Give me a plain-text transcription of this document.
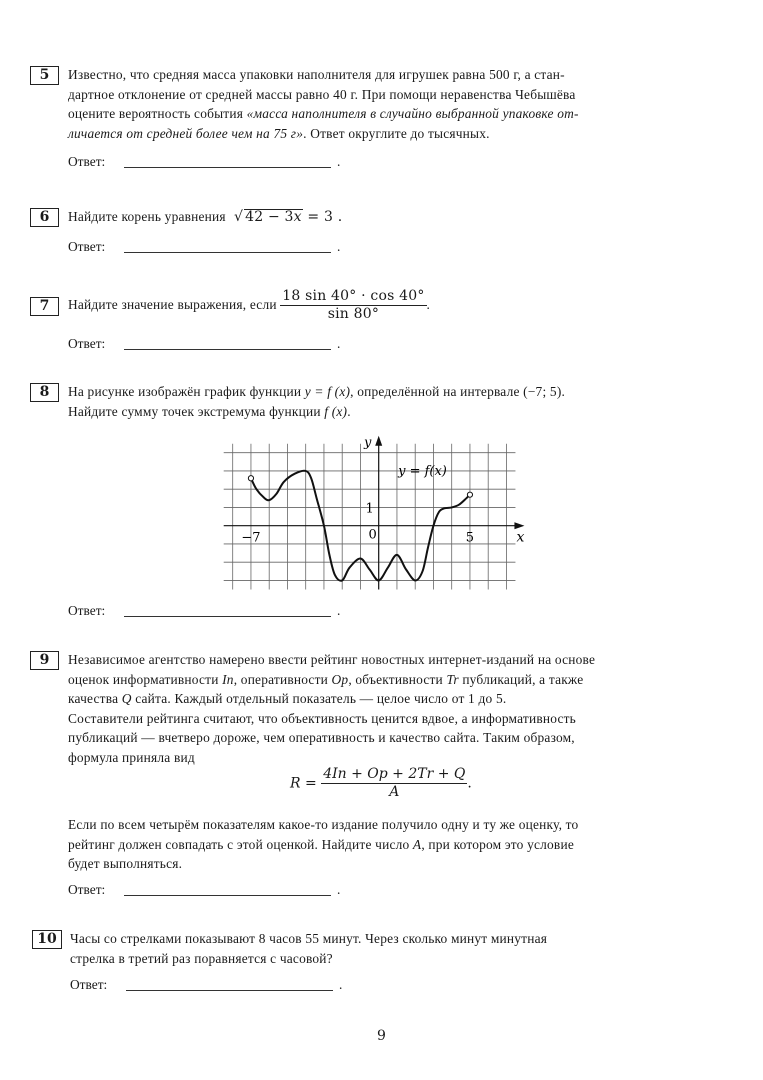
5	Известно, что средняя масса упаковки наполнителя для игрушек равна 500 г, а стан-
дартное отклонение от средней массы равно 40 г. При помощи неравенства Чебышёва
оцените вероятность события «масса наполнителя в случайно выбранной упаковке от-
личается от средней более чем на 75 г». Ответ округлите до тысячных.
Ответ:	.
6	Найдите корень уравнения  √ 42 − 3x = 3 .
Ответ:	.
7	Найдите значение выражения, если $\frac{18 \sin 40^\circ \cdot \cos 40^\circ}{\sin 80^\circ}$ .
Ответ:	.
8	На рисунке изображён график функции y = f (x), определённой на интервале (−7; 5).
Найдите сумму точек экстремума функции f (x).
y
x
y = f(x)
−7	5
0
1
Ответ:	.
9	Независимое агентство намерено ввести рейтинг новостных интернет-изданий на основе
оценок информативности In, оперативности Op, объективности Tr публикаций, а также
качества Q сайта. Каждый отдельный показатель — целое число от 1 до 5.
Составители рейтинга считают, что объективность ценится вдвое, а информативность
публикаций — вчетверо дороже, чем оперативность и качество сайта. Таким образом,
формула приняла вид
$R = \frac{4In + Op + 2Tr + Q}{A}$ .
Если по всем четырём показателям какое-то издание получило одну и ту же оценку, то
рейтинг должен совпадать с этой оценкой. Найдите число A, при котором это условие
будет выполняться.
Ответ:	.
10 Часы со стрелками показывают 8 часов 55 минут. Через сколько минут минутная
стрелка в третий раз поравняется с часовой?
Ответ:	.
9
